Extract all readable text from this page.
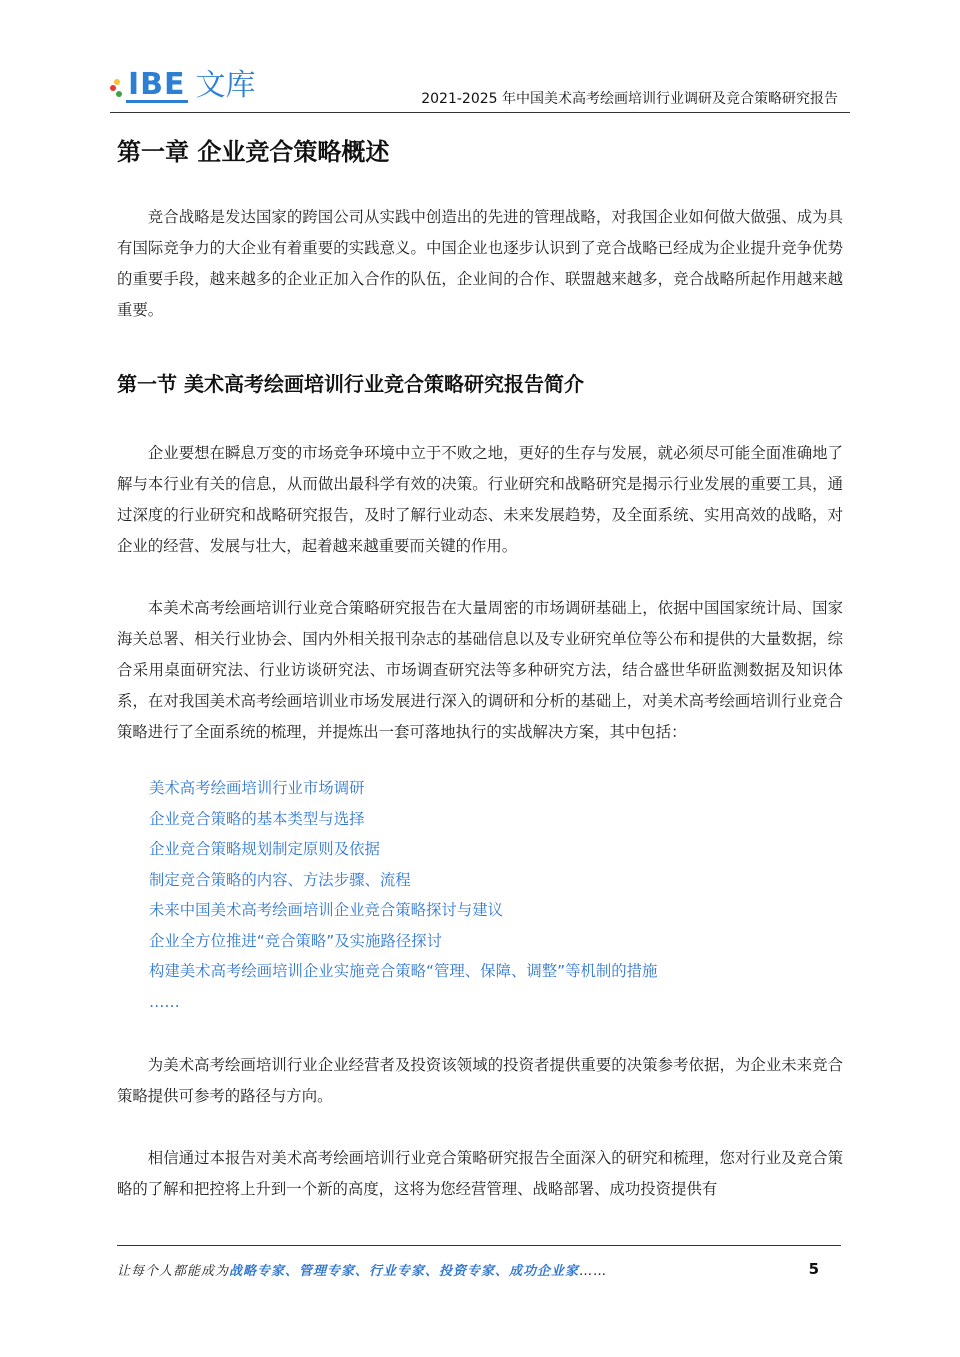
IBE 文库	2021-2025 年中国美术高考绘画培训行业调研及竞合策略研究报告
第一章 企业竞合策略概述

竞合战略是发达国家的跨国公司从实践中创造出的先进的管理战略，对我国企业如何做大做强、成为具有国际竞争力的大企业有着重要的实践意义。中国企业也逐步认识到了竞合战略已经成为企业提升竞争优势的重要手段，越来越多的企业正加入合作的队伍，企业间的合作、联盟越来越多，竞合战略所起作用越来越重要。

第一节 美术高考绘画培训行业竞合策略研究报告简介

企业要想在瞬息万变的市场竞争环境中立于不败之地，更好的生存与发展，就必须尽可能全面准确地了解与本行业有关的信息，从而做出最科学有效的决策。行业研究和战略研究是揭示行业发展的重要工具，通过深度的行业研究和战略研究报告，及时了解行业动态、未来发展趋势，及全面系统、实用高效的战略，对企业的经营、发展与壮大，起着越来越重要而关键的作用。

本美术高考绘画培训行业竞合策略研究报告在大量周密的市场调研基础上，依据中国国家统计局、国家海关总署、相关行业协会、国内外相关报刊杂志的基础信息以及专业研究单位等公布和提供的大量数据，综合采用桌面研究法、行业访谈研究法、市场调查研究法等多种研究方法，结合盛世华研监测数据及知识体系，在对我国美术高考绘画培训业市场发展进行深入的调研和分析的基础上，对美术高考绘画培训行业竞合策略进行了全面系统的梳理，并提炼出一套可落地执行的实战解决方案，其中包括：

美术高考绘画培训行业市场调研
企业竞合策略的基本类型与选择
企业竞合策略规划制定原则及依据
制定竞合策略的内容、方法步骤、流程
未来中国美术高考绘画培训企业竞合策略探讨与建议
企业全方位推进“竞合策略”及实施路径探讨
构建美术高考绘画培训企业实施竞合策略“管理、保障、调整”等机制的措施
……

为美术高考绘画培训行业企业经营者及投资该领域的投资者提供重要的决策参考依据，为企业未来竞合策略提供可参考的路径与方向。

相信通过本报告对美术高考绘画培训行业竞合策略研究报告全面深入的研究和梳理，您对行业及竞合策略的了解和把控将上升到一个新的高度，这将为您经营管理、战略部署、成功投资提供有

让每个人都能成为战略专家、管理专家、行业专家、投资专家、成功企业家……	5
